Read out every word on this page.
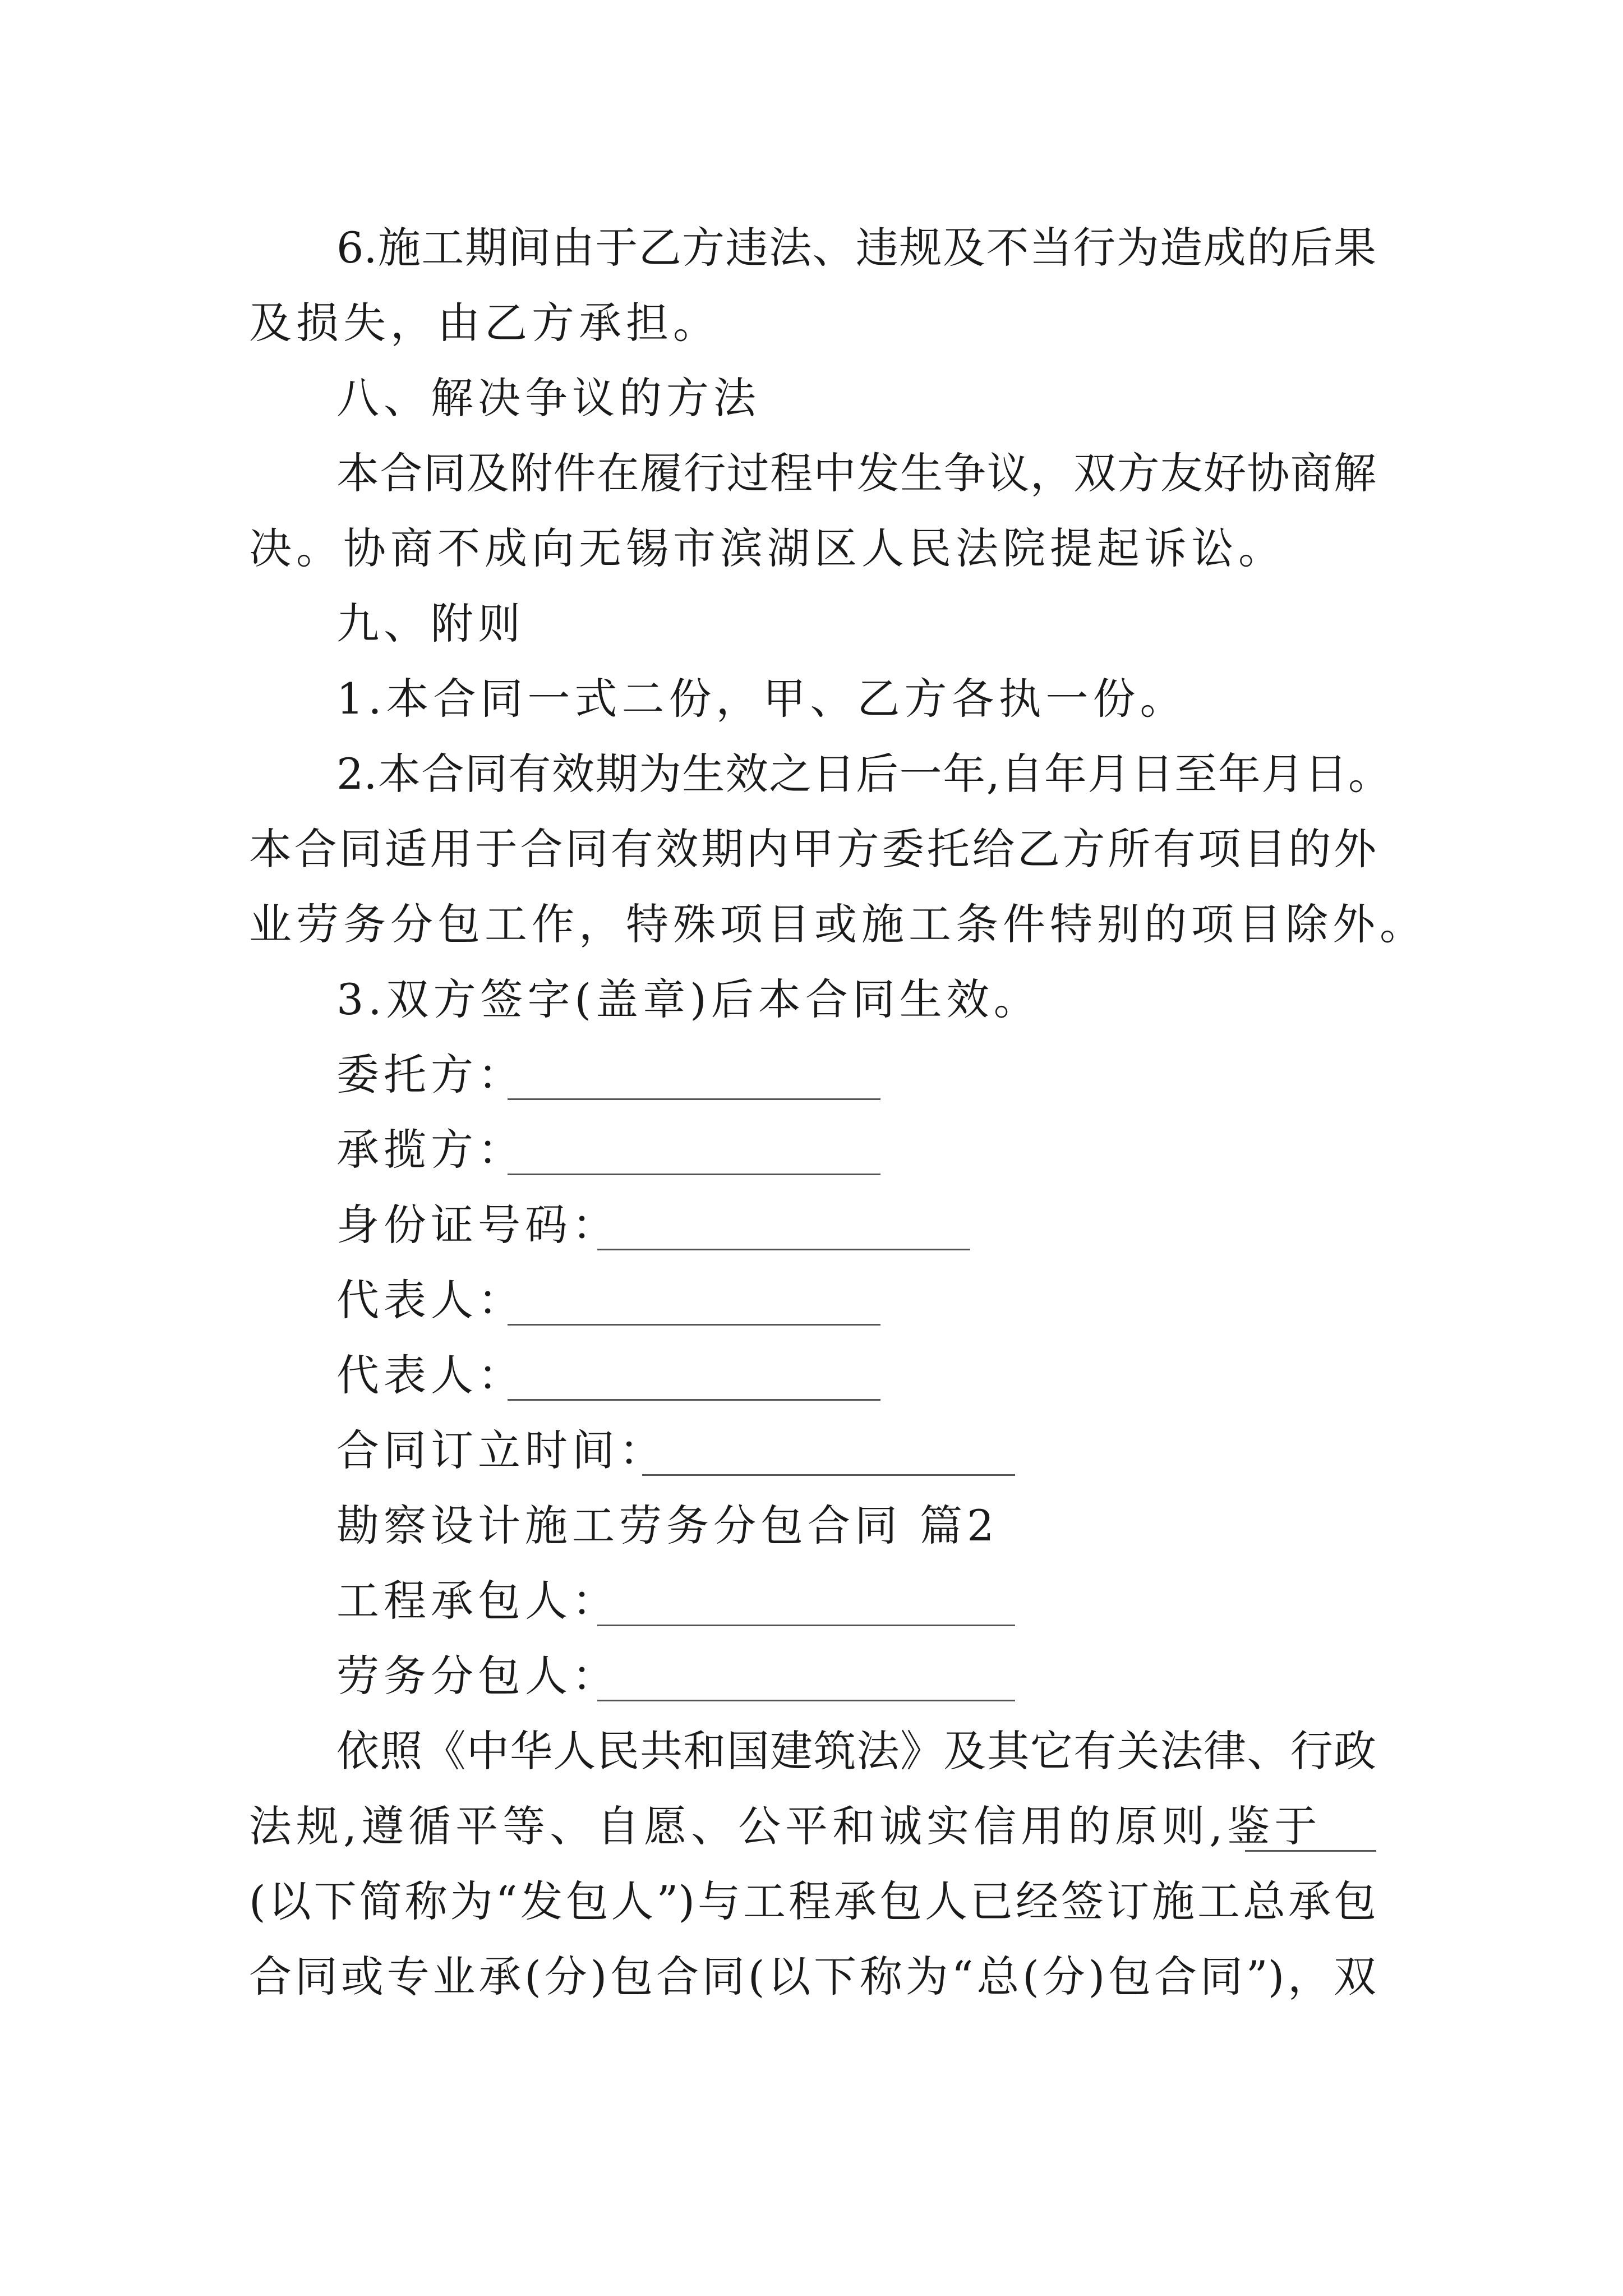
6.施工期间由于乙方违法、违规及不当行为造成的后果
及损失，由乙方承担。
八、解决争议的方法
本合同及附件在履行过程中发生争议，双方友好协商解
决。协商不成向无锡市滨湖区人民法院提起诉讼。
九、附则
1.本合同一式二份，甲、乙方各执一份。
2.本合同有效期为生效之日后一年,自年月日至年月日。
本合同适用于合同有效期内甲方委托给乙方所有项目的外
业劳务分包工作，特殊项目或施工条件特别的项目除外。
3.双方签字(盖章)后本合同生效。
委托方：
承揽方：
身份证号码：
代表人：
代表人：
合同订立时间：
勘察设计施工劳务分包合同 篇2
工程承包人：
劳务分包人：
依照《中华人民共和国建筑法》及其它有关法律、行政
法规,遵循平等、自愿、公平和诚实信用的原则,鉴于
(以下简称为“发包人”)与工程承包人已经签订施工总承包
合同或专业承(分)包合同(以下称为“总(分)包合同”)，双
